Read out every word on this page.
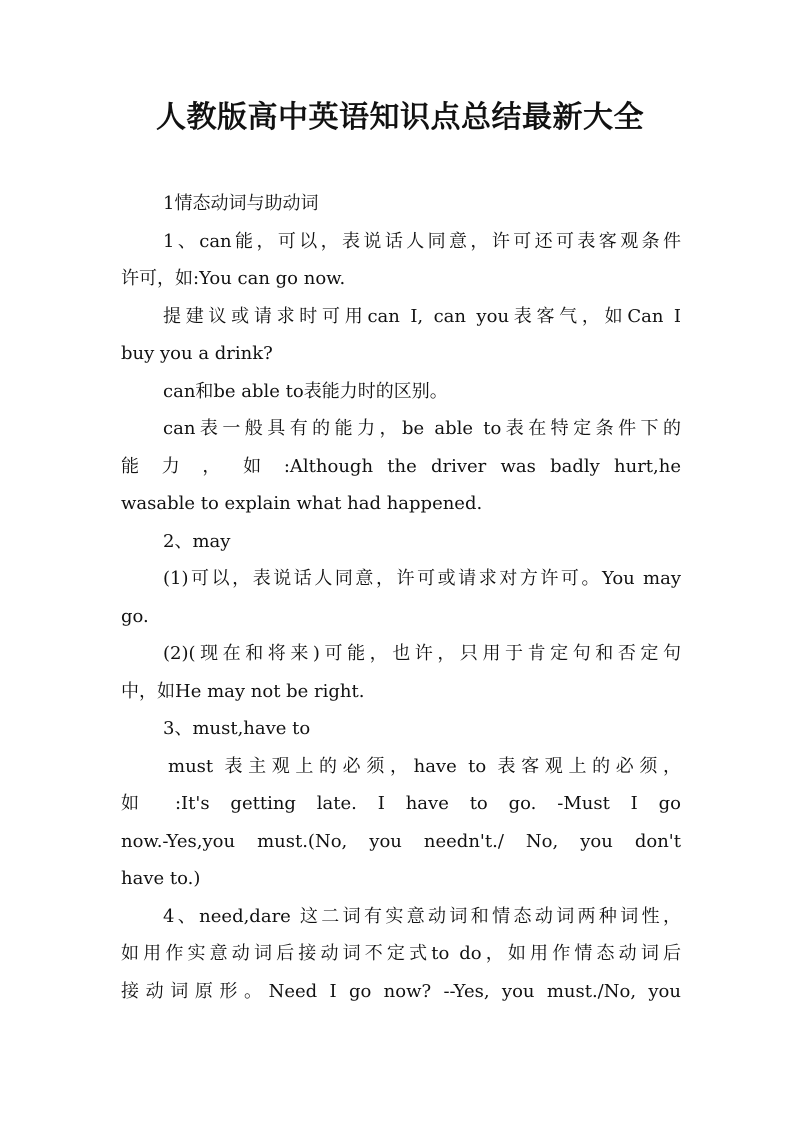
人教版高中英语知识点总结最新大全
1情态动词与助动词
1、can能，可以，表说话人同意，许可还可表客观条件
许可，如:You can go now.
提建议或请求时可用can I, can you表客气，如Can I
buy you a drink?
can和be able to表能力时的区别。
can表一般具有的能力，be able to表在特定条件下的
能 力 ， 如 :Although the driver was badly hurt,he
wasable to explain what had happened.
2、may
(1)可以，表说话人同意，许可或请求对方许可。You may
go.
(2)(现在和将来)可能，也许，只用于肯定句和否定句
中，如He may not be right.
3、must,have to
must 表主观上的必须，have to 表客观上的必须，
如 :It's getting late. I have to go. -Must I go
now.-Yes,you must.(No, you needn't./ No, you don't
have to.)
4、need,dare 这二词有实意动词和情态动词两种词性，
如用作实意动词后接动词不定式to do，如用作情态动词后
接动词原形。Need I go now? --Yes, you must./No, you
